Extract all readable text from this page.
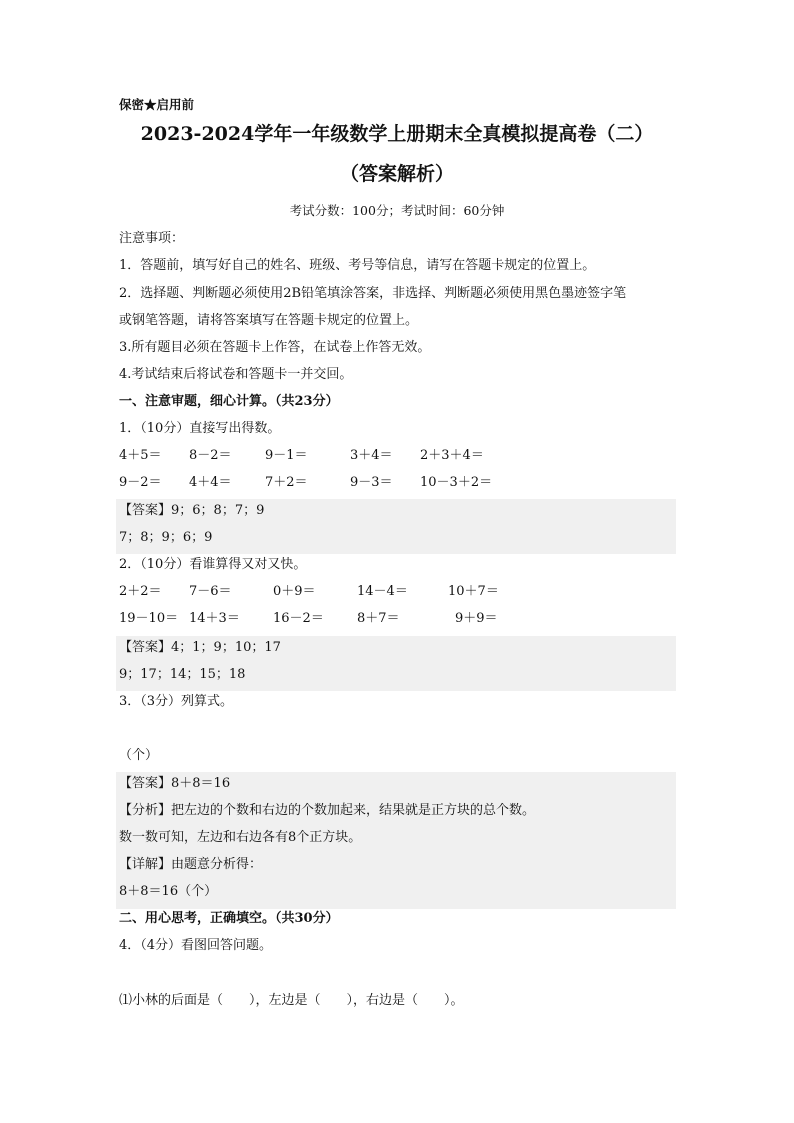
保密★启用前
2023-2024学年一年级数学上册期末全真模拟提高卷（二）
（答案解析）
考试分数：100分；考试时间：60分钟
注意事项：
1．答题前，填写好自己的姓名、班级、考号等信息，请写在答题卡规定的位置上。
2．选择题、判断题必须使用2B铅笔填涂答案，非选择、判断题必须使用黑色墨迹签字笔
或钢笔答题，请将答案填写在答题卡规定的位置上。
3.所有题目必须在答题卡上作答，在试卷上作答无效。
4.考试结束后将试卷和答题卡一并交回。
一、注意审题，细心计算。（共23分）
1．（10分）直接写出得数。
4＋5＝ 8－2＝	9－1＝	3＋4＝ 2＋3＋4＝
9－2＝ 4＋4＝	7＋2＝	9－3＝ 10－3＋2＝
【答案】9；6；8；7；9
7；8；9；6；9
2．（10分）看谁算得又对又快。
2＋2＝ 7－6＝	0＋9＝	14－4＝	10＋7＝
19－10＝ 14＋3＝	16－2＝	8＋7＝	9＋9＝
【答案】4；1；9；10；17
9；17；14；15；18
3．（3分）列算式。
（个）
【答案】8＋8＝16
【分析】把左边的个数和右边的个数加起来，结果就是正方块的总个数。
数一数可知，左边和右边各有8个正方块。
【详解】由题意分析得：
8＋8＝16（个）
二、用心思考，正确填空。（共30分）
4．（4分）看图回答问题。
⑴小林的后面是（　　），左边是（　　），右边是（　　）。
